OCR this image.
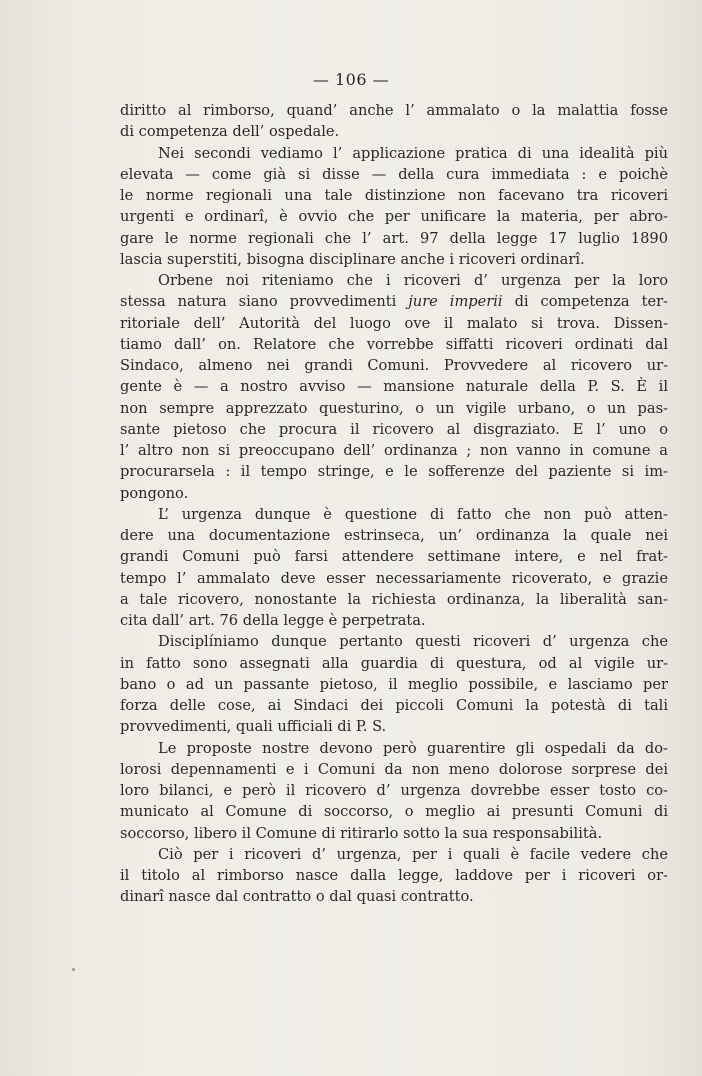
— 106 —
diritto al rimborso, quand’ anche l’ ammalato o la malattia fosse
di competenza dell’ ospedale.
Nei secondi vediamo l’ applicazione pratica di una idealità più
elevata — come già si disse — della cura immediata : e poichè
le norme regionali una tale distinzione non facevano tra ricoveri
urgenti e ordinarî, è ovvio che per unificare la materia, per abro-
gare le norme regionali che l’ art. 97 della legge 17 luglio 1890
lascia superstiti, bisogna disciplinare anche i ricoveri ordinarî.
Orbene noi riteniamo che i ricoveri d’ urgenza per la loro
stessa natura siano provvedimenti jure imperii di competenza ter-
ritoriale dell’ Autorità del luogo ove il malato si trova. Dissen-
tiamo dall’ on. Relatore che vorrebbe siffatti ricoveri ordinati dal
Sindaco, almeno nei grandi Comuni. Provvedere al ricovero ur-
gente è — a nostro avviso — mansione naturale della P. S. È il
non sempre apprezzato questurino, o un vigile urbano, o un pas-
sante pietoso che procura il ricovero al disgraziato. E l’ uno o
l’ altro non si preoccupano dell’ ordinanza ; non vanno in comune a
procurarsela : il tempo stringe, e le sofferenze del paziente si im-
pongono.
L’ urgenza dunque è questione di fatto che non può atten-
dere una documentazione estrinseca, un’ ordinanza la quale nei
grandi Comuni può farsi attendere settimane intere, e nel frat-
tempo l’ ammalato deve esser necessariamente ricoverato, e grazie
a tale ricovero, nonostante la richiesta ordinanza, la liberalità san-
cita dall’ art. 76 della legge è perpetrata.
Disciplíniamo dunque pertanto questi ricoveri d’ urgenza che
in fatto sono assegnati alla guardia di questura, od al vigile ur-
bano o ad un passante pietoso, il meglio possibile, e lasciamo per
forza delle cose, ai Sindaci dei piccoli Comuni la potestà di tali
provvedimenti, quali ufficiali di P. S.
Le proposte nostre devono però guarentire gli ospedali da do-
lorosi depennamenti e i Comuni da non meno dolorose sorprese dei
loro bilanci, e però il ricovero d’ urgenza dovrebbe esser tosto co-
municato al Comune di soccorso, o meglio ai presunti Comuni di
soccorso, libero il Comune di ritirarlo sotto la sua responsabilità.
Ciò per i ricoveri d’ urgenza, per i quali è facile vedere che
il titolo al rimborso nasce dalla legge, laddove per i ricoveri or-
dinarî nasce dal contratto o dal quasi contratto.
